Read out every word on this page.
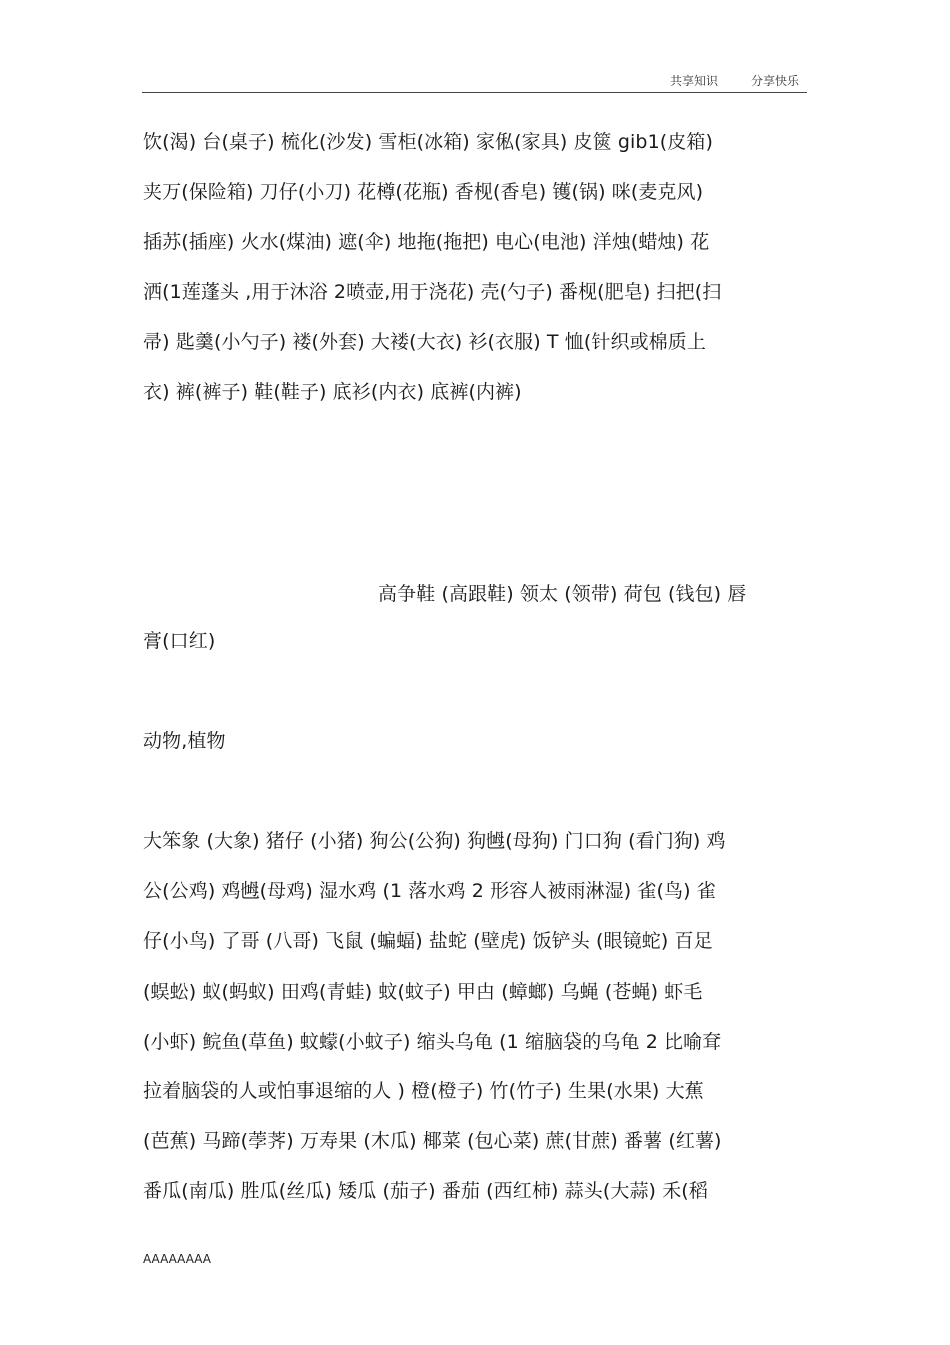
共享知识	分享快乐
饮(渴) 台(桌子) 梳化(沙发) 雪柜(冰箱) 家俬(家具) 皮篋 gib1(皮箱)
夹万(保险箱) 刀仔(小刀) 花樽(花瓶) 香枧(香皂) 镬(锅) 咪(麦克风)
插苏(插座) 火水(煤油) 遮(伞) 地拖(拖把) 电心(电池) 洋烛(蜡烛) 花
洒(1莲蓬头 ,用于沐浴 2喷壶,用于浇花) 壳(勺子) 番枧(肥皂) 扫把(扫
帚) 匙羹(小勺子) 褛(外套) 大褛(大衣) 衫(衣服) T 恤(针织或棉质上
衣) 裤(裤子) 鞋(鞋子) 底衫(内衣) 底裤(内裤)
高争鞋 (高跟鞋) 领太 (领带) 荷包 (钱包) 唇
膏(口红)
动物,植物
大笨象 (大象) 猪仔 (小猪) 狗公(公狗) 狗乸(母狗) 门口狗 (看门狗) 鸡
公(公鸡) 鸡乸(母鸡) 湿水鸡 (1 落水鸡 2 形容人被雨淋湿) 雀(鸟) 雀
仔(小鸟) 了哥 (八哥) 飞鼠 (蝙蝠) 盐蛇 (壁虎) 饭铲头 (眼镜蛇) 百足
(蜈蚣) 蚁(蚂蚁) 田鸡(青蛙) 蚊(蚊子) 甲甴 (蟑螂) 乌蝇 (苍蝇) 虾毛
(小虾) 鲩鱼(草鱼) 蚊蠓(小蚊子) 缩头乌龟 (1 缩脑袋的乌龟 2 比喻耷
拉着脑袋的人或怕事退缩的人 ) 橙(橙子) 竹(竹子) 生果(水果) 大蕉
(芭蕉) 马蹄(荸荠) 万寿果 (木瓜) 椰菜 (包心菜) 蔗(甘蔗) 番薯 (红薯)
番瓜(南瓜) 胜瓜(丝瓜) 矮瓜 (茄子) 番茄 (西红柿) 蒜头(大蒜) 禾(稻
AAAAAAAA
